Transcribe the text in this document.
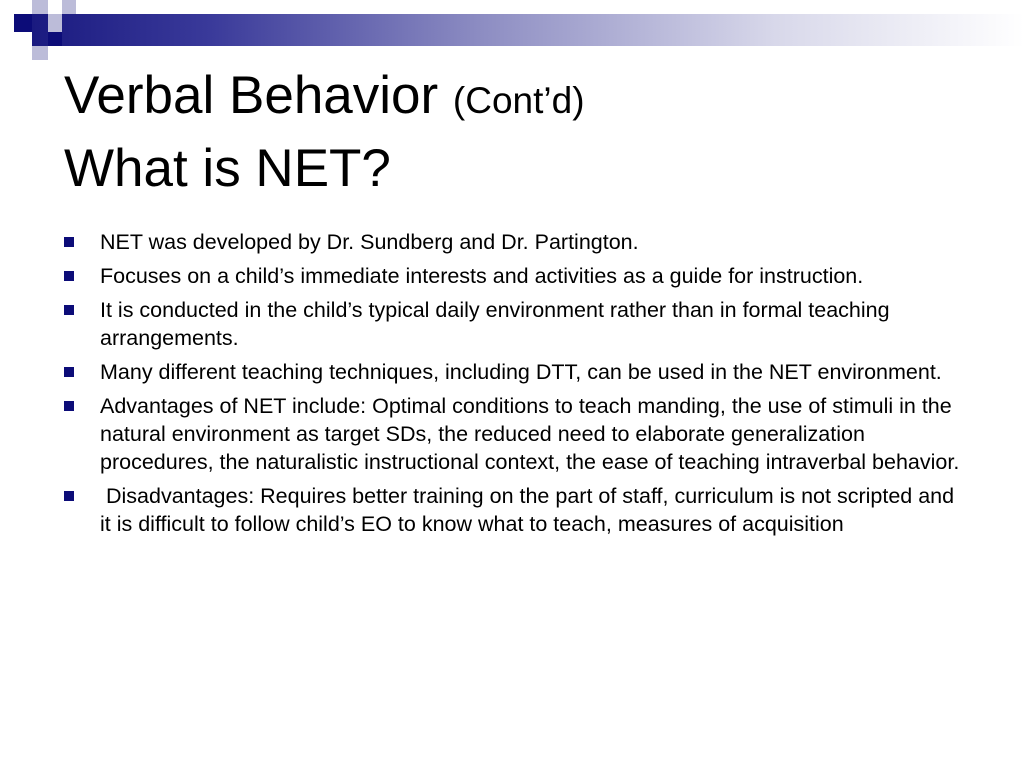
Verbal Behavior (Cont’d)
What is NET?
NET was developed by Dr. Sundberg and Dr. Partington.
Focuses on a child’s immediate interests and activities as a guide for instruction.
It is conducted in the child’s typical daily environment rather than in formal teaching arrangements.
Many different teaching techniques, including DTT, can be used in the NET environment.
Advantages of NET include: Optimal conditions to teach manding, the use of stimuli in the natural environment as target SDs, the reduced need to elaborate generalization procedures, the naturalistic instructional context, the ease of teaching intraverbal behavior.
Disadvantages: Requires better training on the part of staff, curriculum is not scripted and it is difficult to follow child’s EO to know what to teach, measures of acquisition
